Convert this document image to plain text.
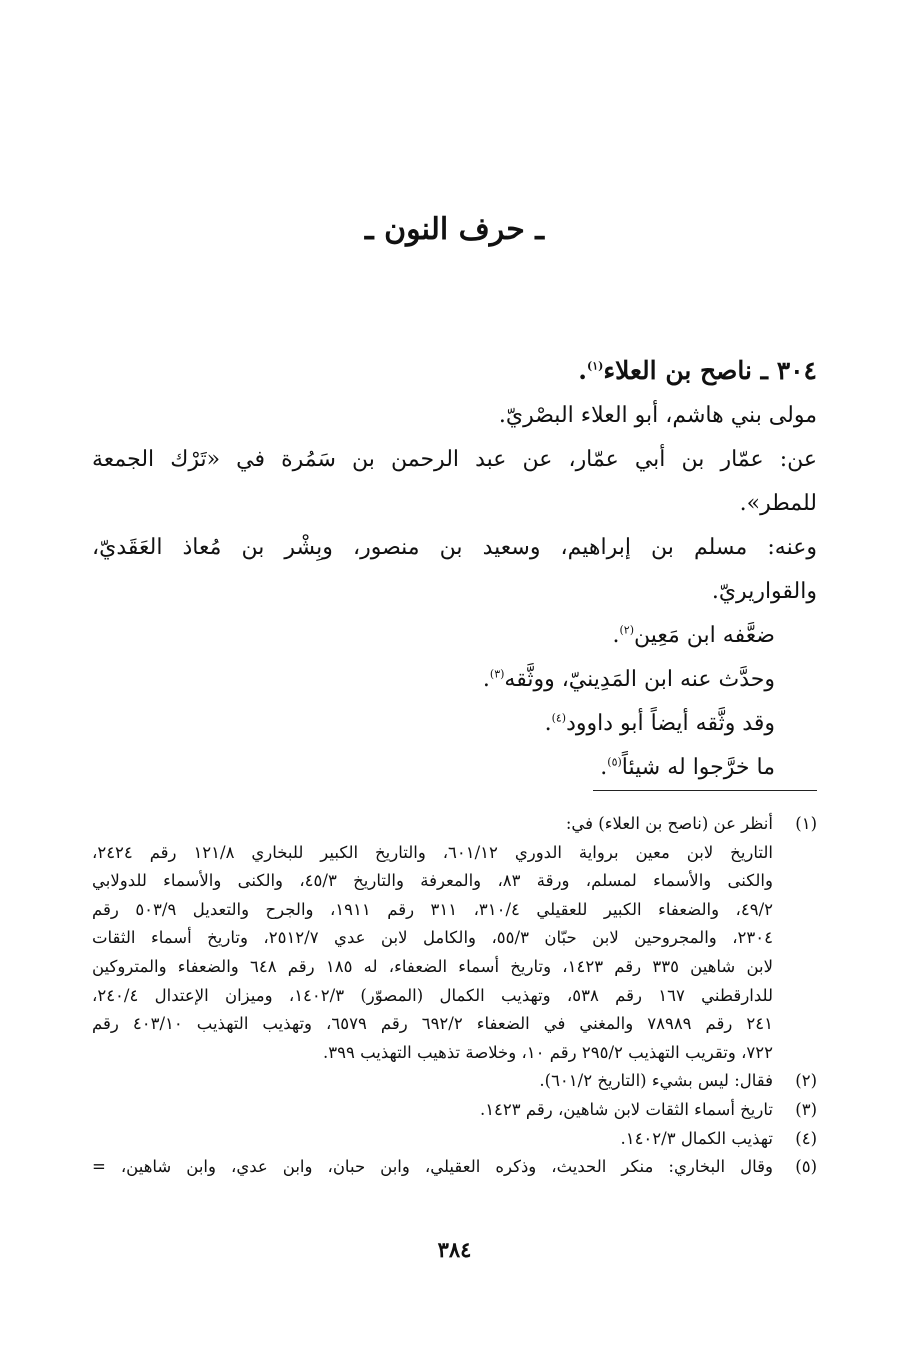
ـ حرف النون ـ
٣٠٤ ـ ناصح بن العلاء$^{(١)}$.
مولى بني هاشم، أبو العلاء البصْريّ.
عن: عمّار بن أبي عمّار، عن عبد الرحمن بن سَمُرة في «تَرْك الجمعة
للمطر».
وعنه: مسلم بن إبراهيم، وسعيد بن منصور، وبِشْر بن مُعاذ العَقَديّ،
والقواريريّ.
ضعَّفه ابن مَعِين$^{(٢)}$.
وحدَّث عنه ابن المَدِينيّ، ووثَّقه$^{(٣)}$.
وقد وثَّقه أيضاً أبو داوود$^{(٤)}$.
ما خرَّجوا له شيئاً$^{(٥)}$.
(١)
أنظر عن (ناصح بن العلاء) في:
التاريخ لابن معين برواية الدوري ٦٠١/١٢، والتاريخ الكبير للبخاري ١٢١/٨ رقم ٢٤٢٤،
والكنى والأسماء لمسلم، ورقة ٨٣، والمعرفة والتاريخ ٤٥/٣، والكنى والأسماء للدولابي
٤٩/٢، والضعفاء الكبير للعقيلي ٣١٠/٤، ٣١١ رقم ١٩١١، والجرح والتعديل ٥٠٣/٩ رقم
٢٣٠٤، والمجروحين لابن حبّان ٥٥/٣، والكامل لابن عدي ٢٥١٢/٧، وتاريخ أسماء الثقات
لابن شاهين ٣٣٥ رقم ١٤٢٣، وتاريخ أسماء الضعفاء، له ١٨٥ رقم ٦٤٨ والضعفاء والمتروكين
للدارقطني ١٦٧ رقم ٥٣٨، وتهذيب الكمال (المصوّر) ١٤٠٢/٣، وميزان الإعتدال ٢٤٠/٤،
٢٤١ رقم ٧٨٩٨٩ والمغني في الضعفاء ٦٩٢/٢ رقم ٦٥٧٩، وتهذيب التهذيب ٤٠٣/١٠ رقم
٧٢٢، وتقريب التهذيب ٢٩٥/٢ رقم ١٠، وخلاصة تذهيب التهذيب ٣٩٩.
(٢)
فقال: ليس بشيء (التاريخ ٦٠١/٢).
(٣)
تاريخ أسماء الثقات لابن شاهين، رقم ١٤٢٣.
(٤)
تهذيب الكمال ١٤٠٢/٣.
(٥)
وقال البخاري: منكر الحديث، وذكره العقيلي، وابن حبان، وابن عدي، وابن شاهين، =
٣٨٤
